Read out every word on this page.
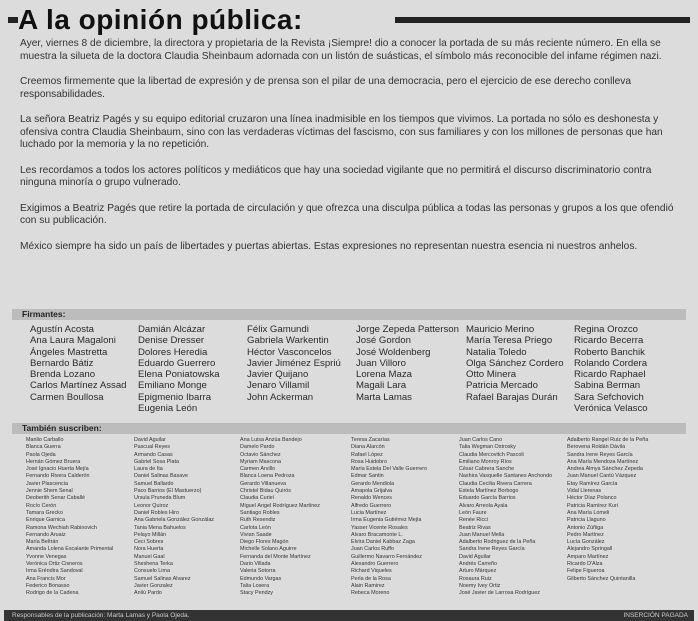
A la opinión pública:

Ayer, viernes 8 de diciembre, la directora y propietaria de la Revista ¡Siempre! dio a conocer la portada de su más reciente número. En ella se muestra la silueta de la doctora Claudia Sheinbaum adornada con un listón de suásticas, el símbolo más reconocible del infame régimen nazi.

Creemos firmemente que la libertad de expresión y de prensa son el pilar de una democracia, pero el ejercicio de ese derecho conlleva responsabilidades.

La señora Beatriz Pagés y su equipo editorial cruzaron una línea inadmisible en los tiempos que vivimos. La portada no sólo es deshonesta y ofensiva contra Claudia Sheinbaum, sino con las verdaderas víctimas del fascismo, con sus familiares y con los millones de personas que han luchado por la memoria y la no repetición.

Les recordamos a todos los actores políticos y mediáticos que hay una sociedad vigilante que no permitirá el discurso discriminatorio contra ninguna minoría o grupo vulnerado.

Exigimos a Beatriz Pagés que retire la portada de circulación y que ofrezca una disculpa pública a todas las personas y grupos a los que ofendió con su publicación.

México siempre ha sido un país de libertades y puertas abiertas. Estas expresiones no representan nuestra esencia ni nuestros anhelos.

Firmantes:
Agustín Acosta
Ana Laura Magaloni
Ángeles Mastretta
Bernardo Bátiz
Brenda Lozano
Carlos Martínez Assad
Carmen Boullosa
Damián Alcázar
Denise Dresser
Dolores Heredia
Eduardo Guerrero
Elena Poniatowska
Emiliano Monge
Epigmenio Ibarra
Eugenia León
Félix Gamundi
Gabriela Warkentin
Héctor Vasconcelos
Javier Jiménez Espriú
Javier Quijano
Jenaro Villamil
John Ackerman
Jorge Zepeda Patterson
José Gordon
José Woldenberg
Juan Villoro
Lorena Maza
Magali Lara
Marta Lamas
Mauricio Merino
María Teresa Priego
Natalia Toledo
Olga Sánchez Cordero
Otto Minera
Patricia Mercado
Rafael Barajas Durán
Regina Orozco
Ricardo Becerra
Roberto Banchik
Rolando Cordera
Ricardo Raphael
Sabina Berman
Sara Sefchovich
Verónica Velasco
También suscriben:
Manlio Carballo
Blanca Guerra
Paola Ojeda
Hernán Gómez Bruera
José Ignacio Huerta Mejía
Fernando Rivera Calderón
Javier Plascencia
Jennie Shem Senal
Deoberith Senar Caballé
Rocío Cerón
Tamara Grecko
Enrique Garnica
Ramona Wechiah Rabinovich
Fernando Aruaiz
María Beltrán
Amanda Lolena Escalante Primental
Yvonne Venegas
Verónica Ortiz Cisneros
Irma Eréndira Sandoval
Ana Francis Mor
Federico Bonasso
Rodrigo de la Cadena
David Aguilar
Pascual Reyes
Armando Casas
Gabriel Sosa Plata
Laura de Ita
Daniel Salinas Basave
Samuel Ballardo
Paco Barrios (El Mastuerzo)
Ursula Pruneda Blum
Leonor Quiroz
Daniel Robles Hiro
Ana Gabriela González Gonzálaz
Tania Mena Bahuelos
Pelayo Millán
Ceci Sobres
Nora Huerta
Manuel Gaal
Sheshena Terka
Consuelo Lima
Samuel Salinas Alvarez
Javier Gonzalez
Anilú Pardo
Ana Luisa Anzúa Bandejo
Damelo Pardo
Octavio Sánchez
Myriam Mascona
Carmen Arvillo
Blanca Loena Pedroza
Gerardo Villanueva
Christel Bidau Quirós
Claudia Curiel
Miguel Ángel Rodríguez Martínez
Santiago Robles
Ruth Resendiz
Carlota León
Vivian Saade
Diego Flores Magón
Michelle Solano Aguirre
Fernanda del Monte Martínez
Dario Villada
Valeria Sotorra
Edmundo Vargas
Talia Losera
Stacy Pendzy
Teresa Zacarías
Diana Alarcón
Rafael López
Rosa Huidobro
María Estela Del Valle Guerrero
Edmar Santin
Gerardo Mendiola
Amapola Grijalva
Renaldo Wences
Alfredo Guerrero
Lucia Martínez
Irma Eugenia Gutiérrez Mejía
Yasser Vicente Rosales
Álvaro Bracamonte L.
Elvira Daniel Kabbaz Zaga
Juan Carlos Ruffo
Guillermo Navarro Fernández
Alexandro Guerrero
Richard Viqueles
Perla de la Rosa
Alain Ramirez
Rebeca Moreno
Juan Carlos Cano
Talia Wegman Ostrosky
Claudia Mercovitch Pascoli
Emiliano Monroy Ríos
César Cabrera Sanche
Nashira Vasquelle Santanes Anchondo
Claudia Cecilia Rivera Carrera
Estela Martínez Borbogo
Eduardo García Barrios
Álvaro Arreola Ayala
León Faure
Renée Ricci
Beatriz Rivas
Juan Manuel Mella
Adalberto Rodriguez de la Peña
Sandra Irene Reyes García
David Aguilar
Andrés Carreño
Arturo Márquez
Rosaura Ruiz
Noemy Ivey Ortiz
José Javier de Larrosa Rodríguez
Adalberto Rangel Ruiz de la Peña
Berovena Roldán Dávila
Sandra Irene Reyes García
Ana María Mendoza Martínez
Andrea Almya Sánchez Zepeda
Juan Manuel Cantú Vázquez
Etay Ramírez García
Vidal Llerenas
Héctor Díaz Polanco
Patricia Ramírez Kuri
Ana María Lomeli
Patricia Llaguno
Antonio Zúñiga
Pedro Martínez
Lucía González
Alejandro Springall
Amparo Martínez
Ricardo D'Alza
Felipe Figueroa
Gilberto Sánchez Quintanilla
Responsables de la publicación: Marta Lamas y Paola Ojeda.	INSERCIÓN PAGADA
